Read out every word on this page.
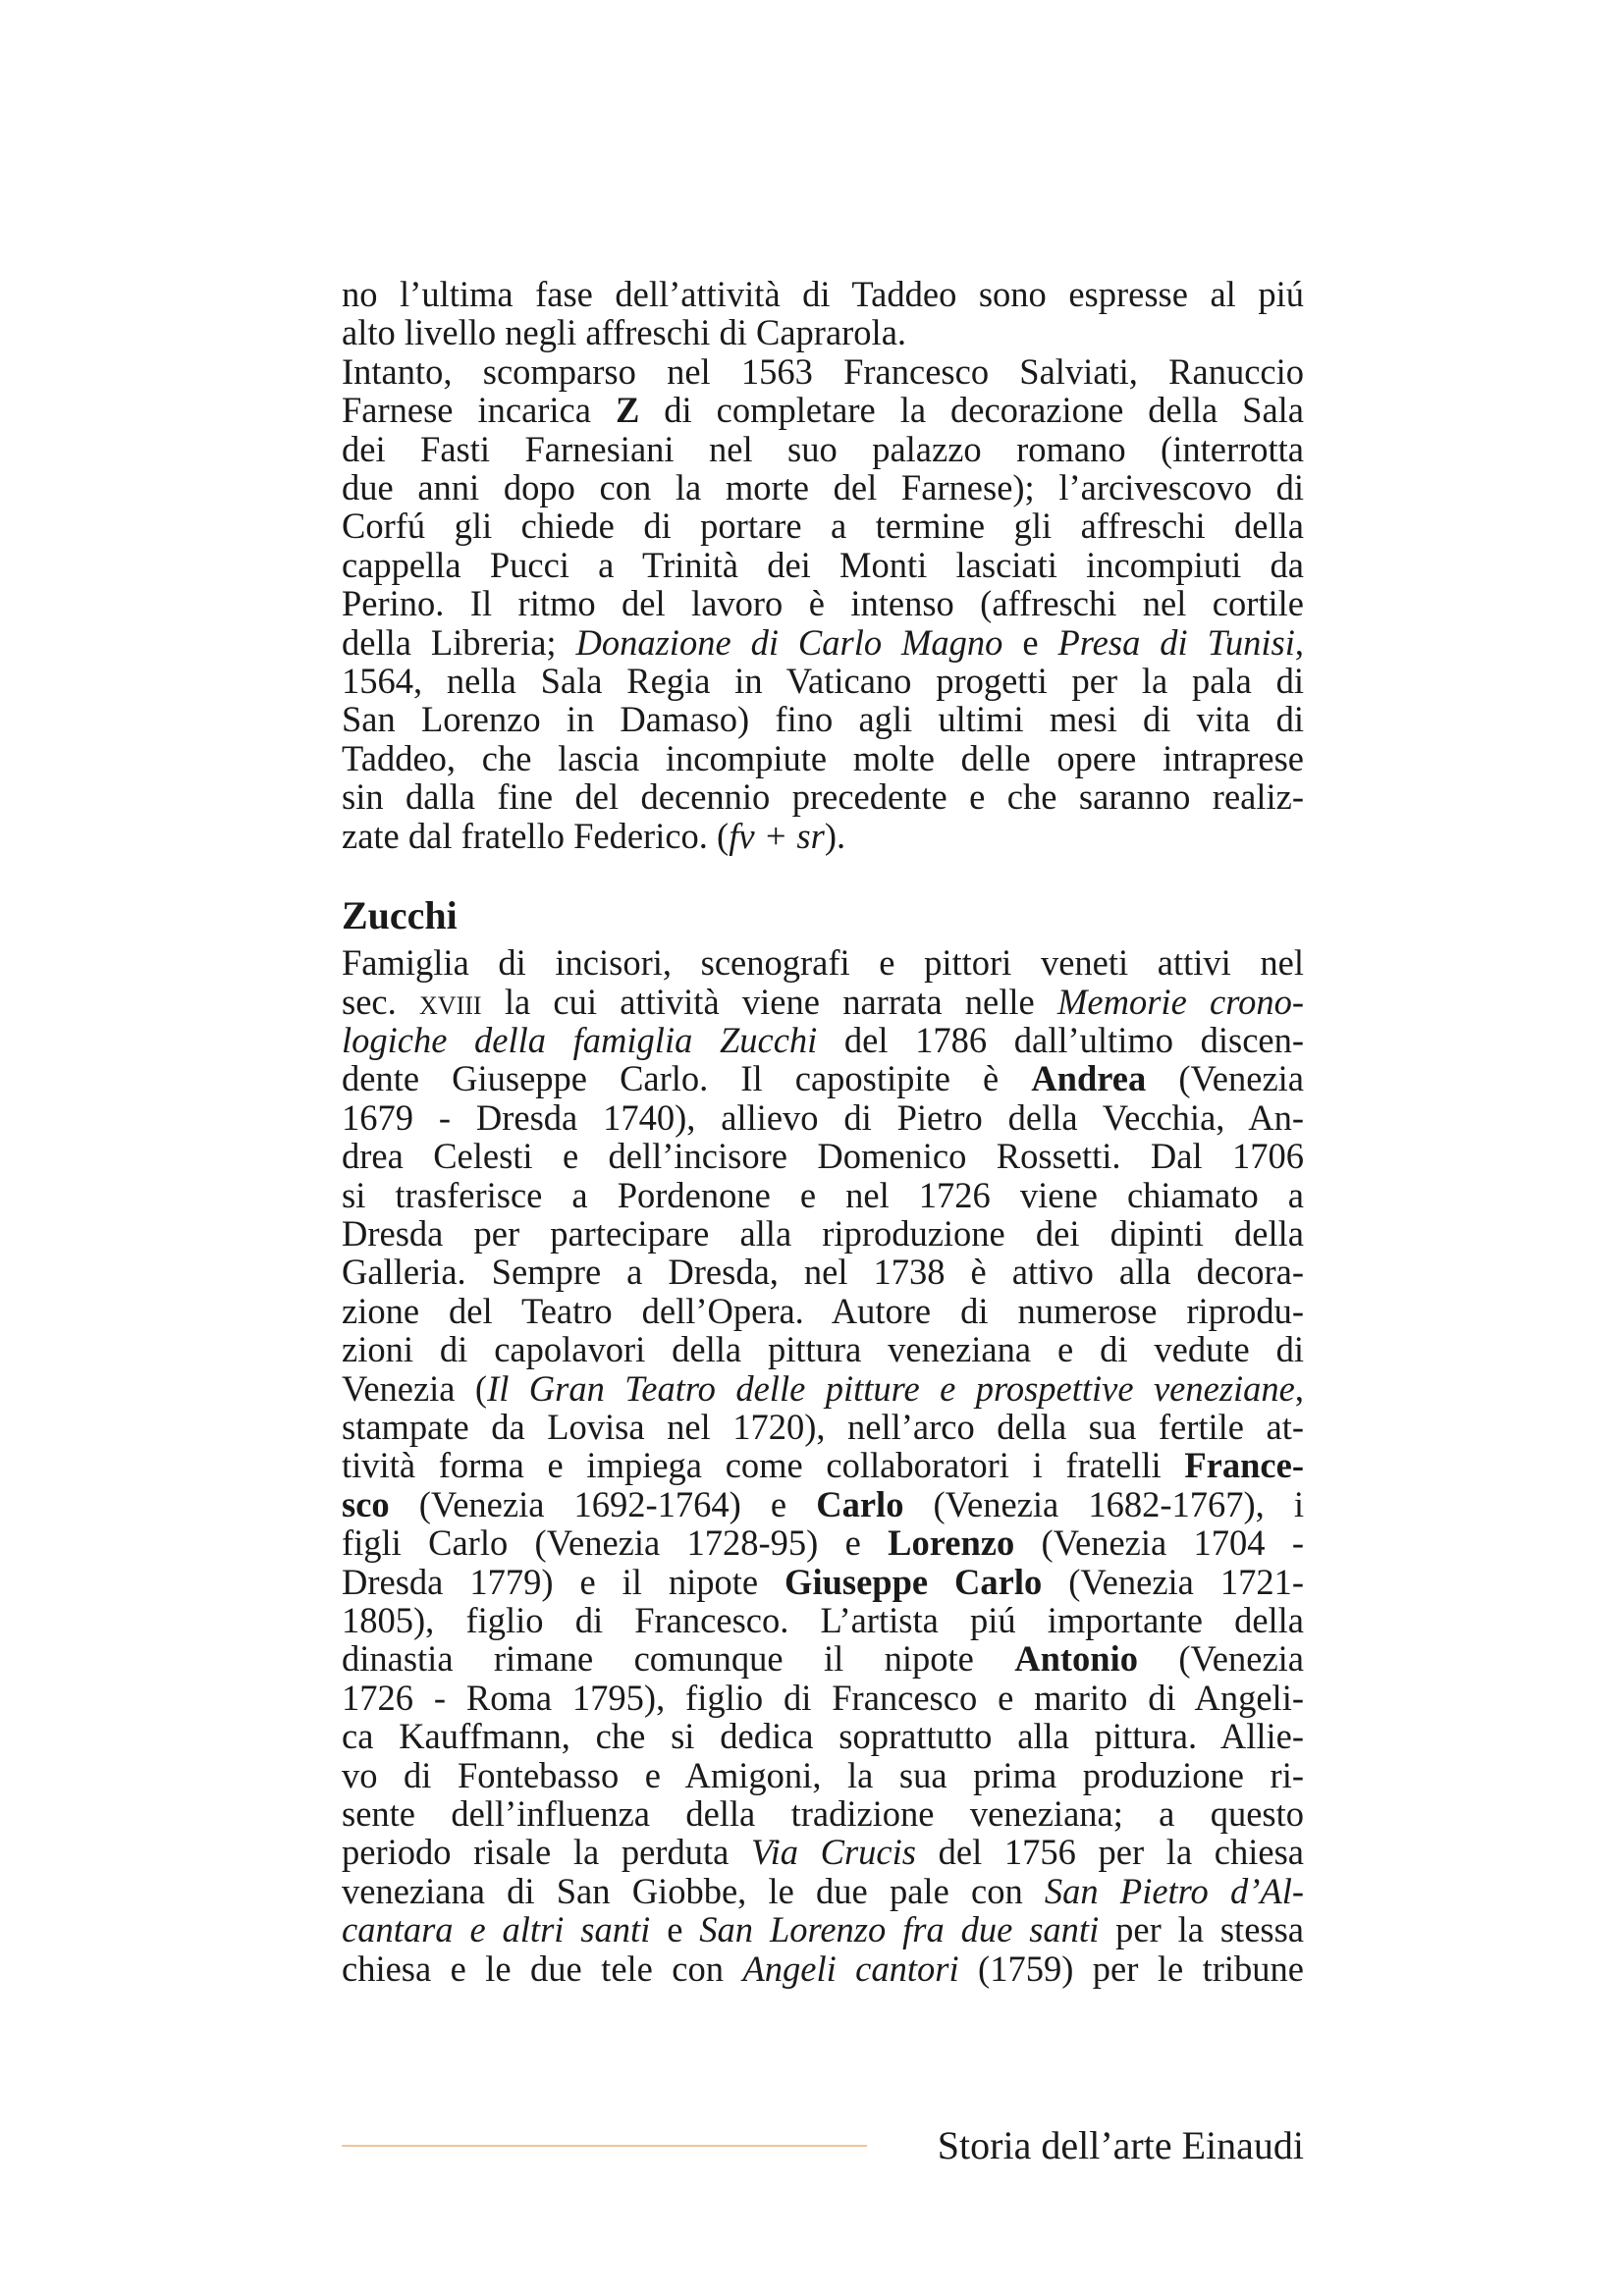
no l’ultima fase dell’attività di Taddeo sono espresse al piú
alto livello negli affreschi di Caprarola.
Intanto, scomparso nel 1563 Francesco Salviati, Ranuccio
Farnese incarica Z di completare la decorazione della Sala
dei Fasti Farnesiani nel suo palazzo romano (interrotta
due anni dopo con la morte del Farnese); l’arcivescovo di
Corfú gli chiede di portare a termine gli affreschi della
cappella Pucci a Trinità dei Monti lasciati incompiuti da
Perino. Il ritmo del lavoro è intenso (affreschi nel cortile
della Libreria; Donazione di Carlo Magno e Presa di Tunisi,
1564, nella Sala Regia in Vaticano progetti per la pala di
San Lorenzo in Damaso) fino agli ultimi mesi di vita di
Taddeo, che lascia incompiute molte delle opere intraprese
sin dalla fine del decennio precedente e che saranno realiz-
zate dal fratello Federico. (fv + sr).

Zucchi

Famiglia di incisori, scenografi e pittori veneti attivi nel
sec. xviii la cui attività viene narrata nelle Memorie crono-
logiche della famiglia Zucchi del 1786 dall’ultimo discen-
dente Giuseppe Carlo. Il capostipite è Andrea (Venezia
1679 - Dresda 1740), allievo di Pietro della Vecchia, An-
drea Celesti e dell’incisore Domenico Rossetti. Dal 1706
si trasferisce a Pordenone e nel 1726 viene chiamato a
Dresda per partecipare alla riproduzione dei dipinti della
Galleria. Sempre a Dresda, nel 1738 è attivo alla decora-
zione del Teatro dell’Opera. Autore di numerose riprodu-
zioni di capolavori della pittura veneziana e di vedute di
Venezia (Il Gran Teatro delle pitture e prospettive veneziane,
stampate da Lovisa nel 1720), nell’arco della sua fertile at-
tività forma e impiega come collaboratori i fratelli France-
sco (Venezia 1692-1764) e Carlo (Venezia 1682-1767), i
figli Carlo (Venezia 1728-95) e Lorenzo (Venezia 1704 -
Dresda 1779) e il nipote Giuseppe Carlo (Venezia 1721-
1805), figlio di Francesco. L’artista piú importante della
dinastia rimane comunque il nipote Antonio (Venezia
1726 - Roma 1795), figlio di Francesco e marito di Angeli-
ca Kauffmann, che si dedica soprattutto alla pittura. Allie-
vo di Fontebasso e Amigoni, la sua prima produzione ri-
sente dell’influenza della tradizione veneziana; a questo
periodo risale la perduta Via Crucis del 1756 per la chiesa
veneziana di San Giobbe, le due pale con San Pietro d’Al-
cantara e altri santi e San Lorenzo fra due santi per la stessa
chiesa e le due tele con Angeli cantori (1759) per le tribune

Storia dell’arte Einaudi
